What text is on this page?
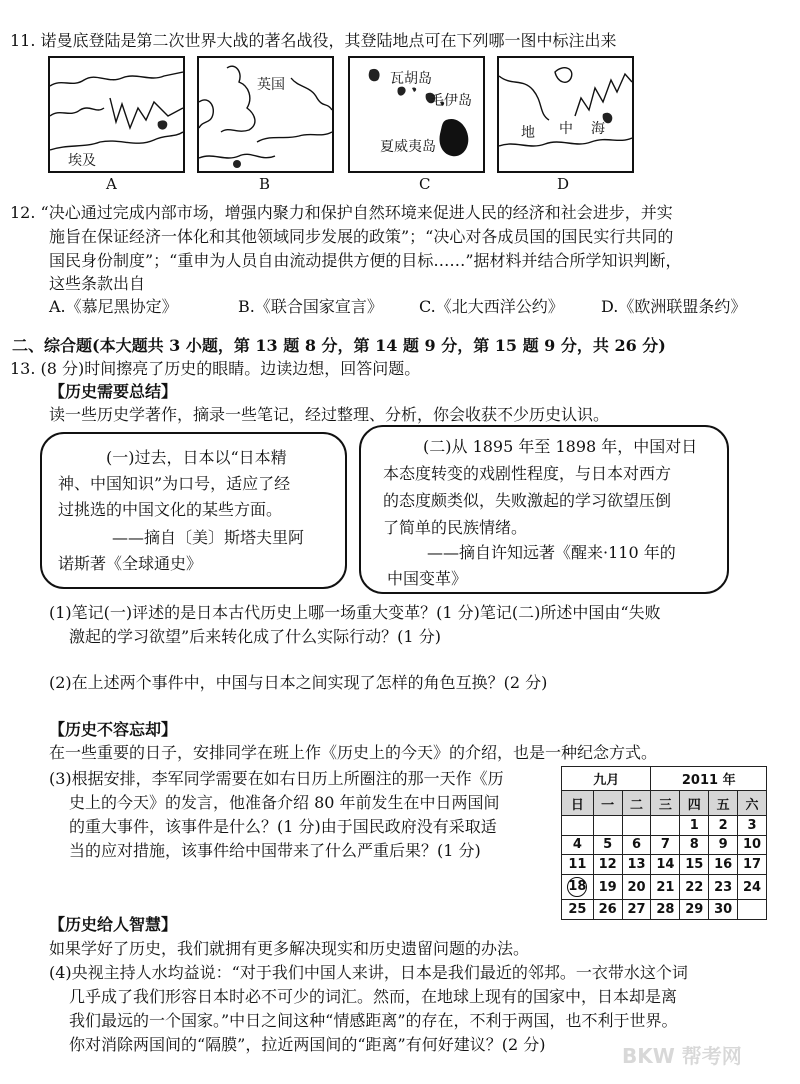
11. 诺曼底登陆是第二次世界大战的著名战役，其登陆地点可在下列哪一图中标注出来
埃及
A
英国
B
瓦胡岛
毛伊岛
夏威夷岛
C
地 中 海
D
12. “决心通过完成内部市场，增强内聚力和保护自然环境来促进人民的经济和社会进步，并实
施旨在保证经济一体化和其他领域同步发展的政策”；“决心对各成员国的国民实行共同的
国民身份制度”；“重申为人员自由流动提供方便的目标……”据材料并结合所学知识判断，
这些条款出自
A.《慕尼黑协定》	B.《联合国家宣言》 C.《北大西洋公约》 D.《欧洲联盟条约》
二、综合题(本大题共 3 小题，第 13 题 8 分，第 14 题 9 分，第 15 题 9 分，共 26 分)
13. (8 分)时间擦亮了历史的眼睛。边读边想，回答问题。
【历史需要总结】
读一些历史学著作，摘录一些笔记，经过整理、分析，你会收获不少历史认识。
(一)过去，日本以“日本精
神、中国知识”为口号，适应了经
过挑选的中国文化的某些方面。
——摘自〔美〕斯塔夫里阿
诺斯著《全球通史》
(二)从 1895 年至 1898 年，中国对日
本态度转变的戏剧性程度，与日本对西方
的态度颇类似，失败激起的学习欲望压倒
了简单的民族情绪。
——摘自许知远著《醒来·110 年的
中国变革》
(1)笔记(一)评述的是日本古代历史上哪一场重大变革？(1 分)笔记(二)所述中国由“失败
激起的学习欲望”后来转化成了什么实际行动？(1 分)
(2)在上述两个事件中，中国与日本之间实现了怎样的角色互换？(2 分)
【历史不容忘却】
在一些重要的日子，安排同学在班上作《历史上的今天》的介绍，也是一种纪念方式。
(3)根据安排，李军同学需要在如右日历上所圈注的那一天作《历
史上的今天》的发言，他准备介绍 80 年前发生在中日两国间
的重大事件，该事件是什么？(1 分)由于国民政府没有采取适
当的应对措施，该事件给中国带来了什么严重后果？(1 分)
九月			2011 年			
日	一	二	三	四	五	六
				1	2	3
4	5	6	7	8	9	10
11	12	13	14	15	16	17
18	19	20	21	22	23	24
25	26	27	28	29	30	
【历史给人智慧】
如果学好了历史，我们就拥有更多解决现实和历史遗留问题的办法。
(4)央视主持人水均益说：“对于我们中国人来讲，日本是我们最近的邻邦。一衣带水这个词
几乎成了我们形容日本时必不可少的词汇。然而，在地球上现有的国家中，日本却是离
我们最远的一个国家。”中日之间这种“情感距离”的存在，不利于两国，也不利于世界。
你对消除两国间的“隔膜”，拉近两国间的“距离”有何好建议？(2 分)	BKW 帮考网
